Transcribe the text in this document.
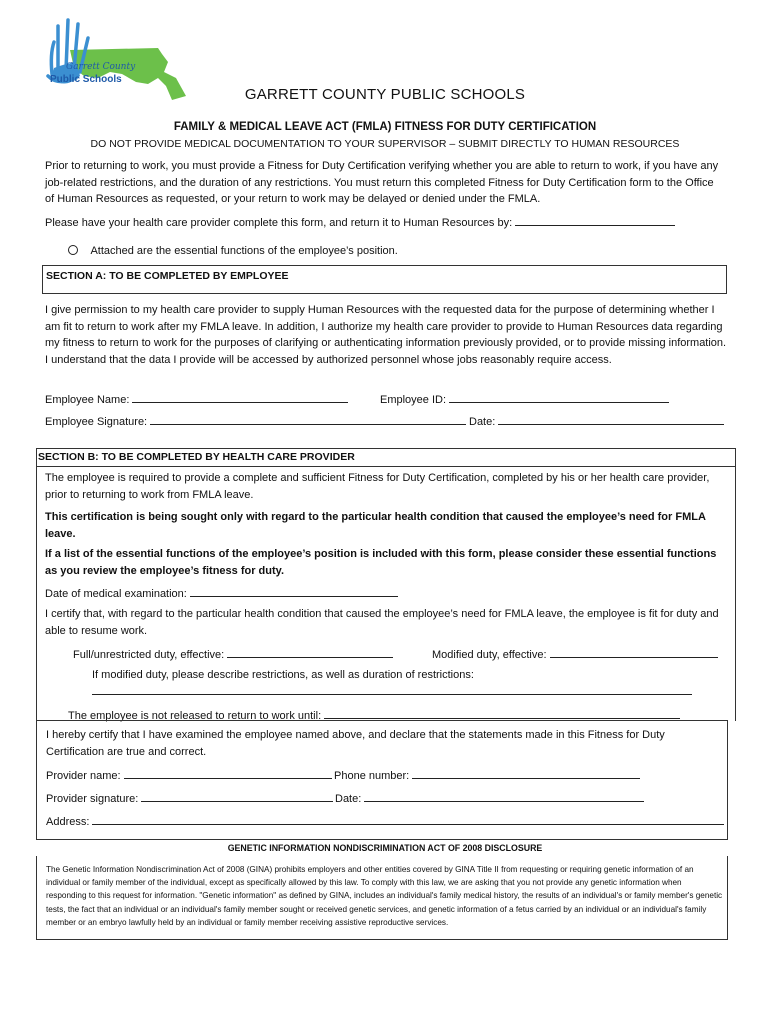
Garrett County
Public Schools
GARRETT COUNTY PUBLIC SCHOOLS
FAMILY & MEDICAL LEAVE ACT (FMLA) FITNESS FOR DUTY CERTIFICATION
DO NOT PROVIDE MEDICAL DOCUMENTATION TO YOUR SUPERVISOR – SUBMIT DIRECTLY TO HUMAN RESOURCES
Prior to returning to work, you must provide a Fitness for Duty Certification verifying whether you are able to return to work, if you have any job-related restrictions, and the duration of any restrictions. You must return this completed Fitness for Duty Certification form to the Office of Human Resources as requested, or your return to work may be delayed or denied under the FMLA.
Please have your health care provider complete this form, and return it to Human Resources by:
Attached are the essential functions of the employee’s position.
SECTION A: TO BE COMPLETED BY EMPLOYEE
I give permission to my health care provider to supply Human Resources with the requested data for the purpose of determining whether I am fit to return to work after my FMLA leave. In addition, I authorize my health care provider to provide to Human Resources data regarding my fitness to return to work for the purposes of clarifying or authenticating information previously provided, or to provide missing information. I understand that the data I provide will be accessed by authorized personnel whose jobs reasonably require access.
Employee Name:	Employee ID:
Employee Signature:	Date:
SECTION B: TO BE COMPLETED BY HEALTH CARE PROVIDER
The employee is required to provide a complete and sufficient Fitness for Duty Certification, completed by his or her health care provider, prior to returning to work from FMLA leave.
This certification is being sought only with regard to the particular health condition that caused the employee’s need for FMLA leave.
If a list of the essential functions of the employee’s position is included with this form, please consider these essential functions as you review the employee’s fitness for duty.
Date of medical examination:
I certify that, with regard to the particular health condition that caused the employee’s need for FMLA leave, the employee is fit for duty and able to resume work.
Full/unrestricted duty, effective:	Modified duty, effective:
If modified duty, please describe restrictions, as well as duration of restrictions:
The employee is not released to return to work until:
I hereby certify that I have examined the employee named above, and declare that the statements made in this Fitness for Duty Certification are true and correct.
Provider name:	Phone number:
Provider signature:	Date:
Address:
GENETIC INFORMATION NONDISCRIMINATION ACT OF 2008 DISCLOSURE
The Genetic Information Nondiscrimination Act of 2008 (GINA) prohibits employers and other entities covered by GINA Title II from requesting or requiring genetic information of an individual or family member of the individual, except as specifically allowed by this law. To comply with this law, we are asking that you not provide any genetic information when responding to this request for information. "Genetic information" as defined by GINA, includes an individual's family medical history, the results of an individual's or family member's genetic tests, the fact that an individual or an individual's family member sought or received genetic services, and genetic information of a fetus carried by an individual or an individual's family member or an embryo lawfully held by an individual or family member receiving assistive reproductive services.
